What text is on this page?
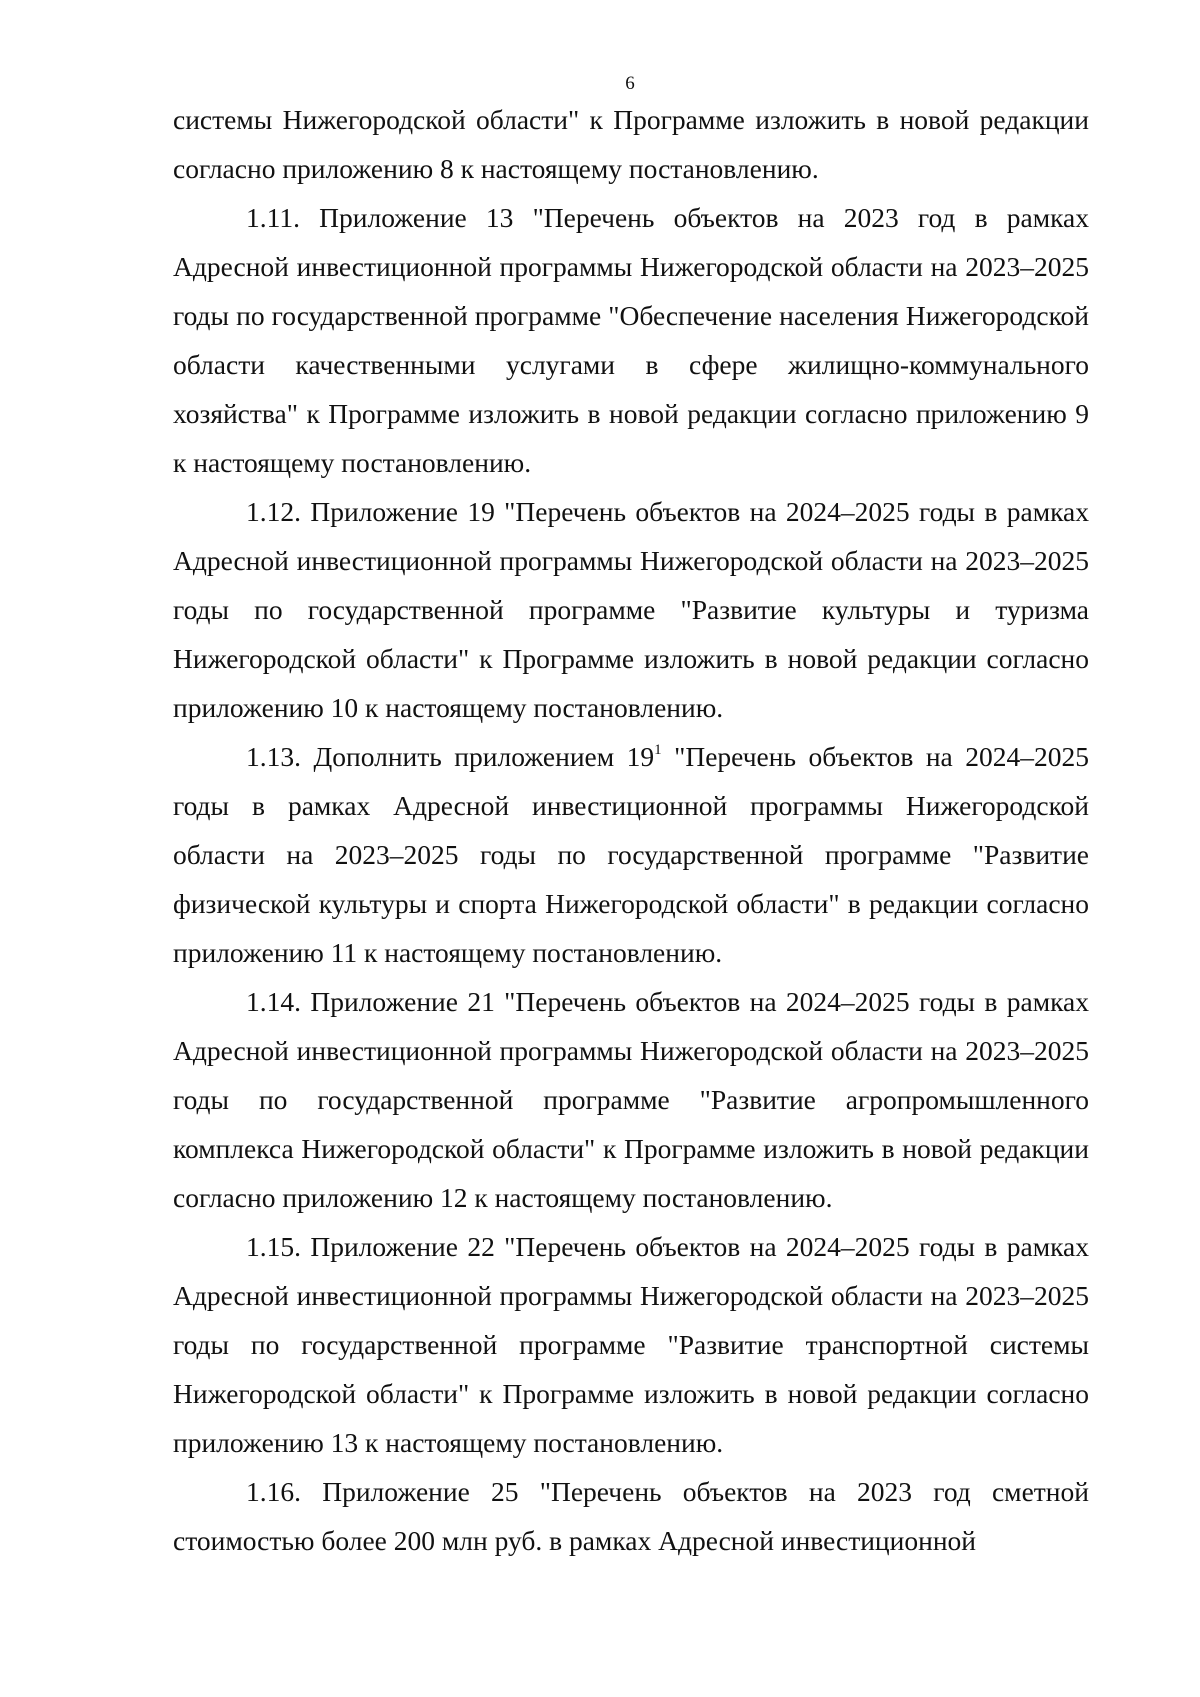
6

системы Нижегородской области" к Программе изложить в новой редакции согласно приложению 8 к настоящему постановлению.

1.11. Приложение 13 "Перечень объектов на 2023 год в рамках Адресной инвестиционной программы Нижегородской области на 2023–2025 годы по государственной программе "Обеспечение населения Нижегородской области качественными услугами в сфере жилищно-коммунального хозяйства" к Программе изложить в новой редакции согласно приложению 9 к настоящему постановлению.

1.12. Приложение 19 "Перечень объектов на 2024–2025 годы в рамках Адресной инвестиционной программы Нижегородской области на 2023–2025 годы по государственной программе "Развитие культуры и туризма Нижегородской области" к Программе изложить в новой редакции согласно приложению 10 к настоящему постановлению.

1.13. Дополнить приложением $19^1$ "Перечень объектов на 2024–2025 годы в рамках Адресной инвестиционной программы Нижегородской области на 2023–2025 годы по государственной программе "Развитие физической культуры и спорта Нижегородской области" в редакции согласно приложению 11 к настоящему постановлению.

1.14. Приложение 21 "Перечень объектов на 2024–2025 годы в рамках Адресной инвестиционной программы Нижегородской области на 2023–2025 годы по государственной программе "Развитие агропромышленного комплекса Нижегородской области" к Программе изложить в новой редакции согласно приложению 12 к настоящему постановлению.

1.15. Приложение 22 "Перечень объектов на 2024–2025 годы в рамках Адресной инвестиционной программы Нижегородской области на 2023–2025 годы по государственной программе "Развитие транспортной системы Нижегородской области" к Программе изложить в новой редакции согласно приложению 13 к настоящему постановлению.

1.16. Приложение 25 "Перечень объектов на 2023 год сметной стоимостью более 200 млн руб. в рамках Адресной инвестиционной
